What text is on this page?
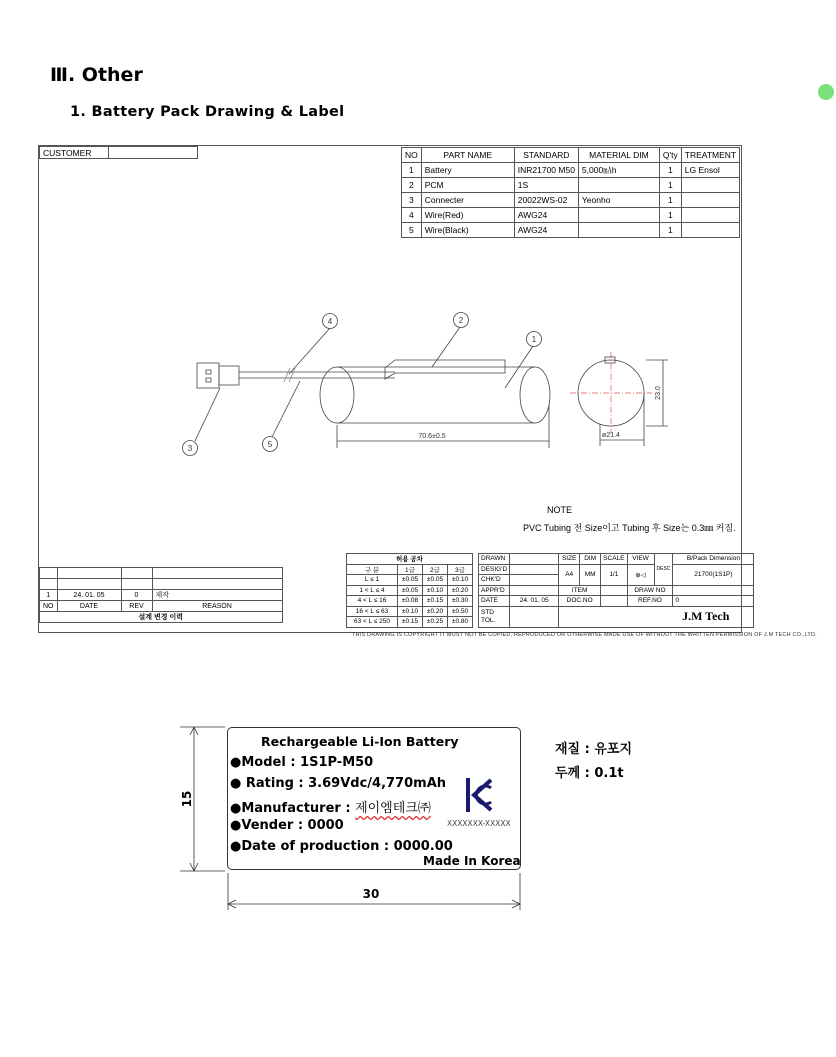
Ⅲ. Other
1. Battery Pack Drawing & Label
CUSTOMER		NO	PART NAME	STANDARD	MATERIAL DIM	Q'ty	TREATMENT
1	Battery	INR21700 M50	5,000㎃h	1	LG Ensol
2	PCM	1S		1	
3	Connecter	20022WS-02	Yeonho	1	
4	Wire(Red)	AWG24		1	
5	Wire(Black)	AWG24		1	
1
2
3
4
5
70.6±0.5	ø21.4
23.0
NOTE
PVC Tubing 전 Size이고 Tubing 후 Size는 0.3㎜ 커짐.

1	24. 01. 05	0	제작
NO	DATE	REV	REASON
설계 변경 이력			
허용 공차			
구 분	1급	2급	3급
L ≤ 1	±0.05	±0.05	±0.10
1 < L ≤ 4	±0.05	±0.10	±0.20
4 < L ≤ 16	±0.08	±0.15	±0.30
16 < L ≤ 63	±0.10	±0.20	±0.50
63 < L ≤ 250	±0.15	±0.25	±0.80
DRAWN		SIZE	DIM	SCALE	VIEW	DESC	B/Pack Dimension
DESIG'D		A4	MM	1/1	⊕◁		21700(1S1P)
CHK'D							
APPR'D		ITEM			DRAW NO		
DATE	24. 01. 05	DOC.NO			REF.NO		0
STD
TOL.		J.M Tech					

THIS DRAWING IS COPYRIGHT IT MUST NOT BE COPIED, REPRODUCED OR OTHERWISE MADE USE OF WITHOUT THE WRITTEN PERMISSION OF J.M TECH CO.,LTD.
15
30
Rechargeable Li-Ion Battery
●Model : 1S1P-M50
● Rating : 3.69Vdc/4,770mAh
●Manufacturer : 제이엠테크㈜
●Vender : 0000
●Date of production : 0000.00
Made In Korea
XXXXXXX-XXXXX
재질 : 유포지
두께 : 0.1t
